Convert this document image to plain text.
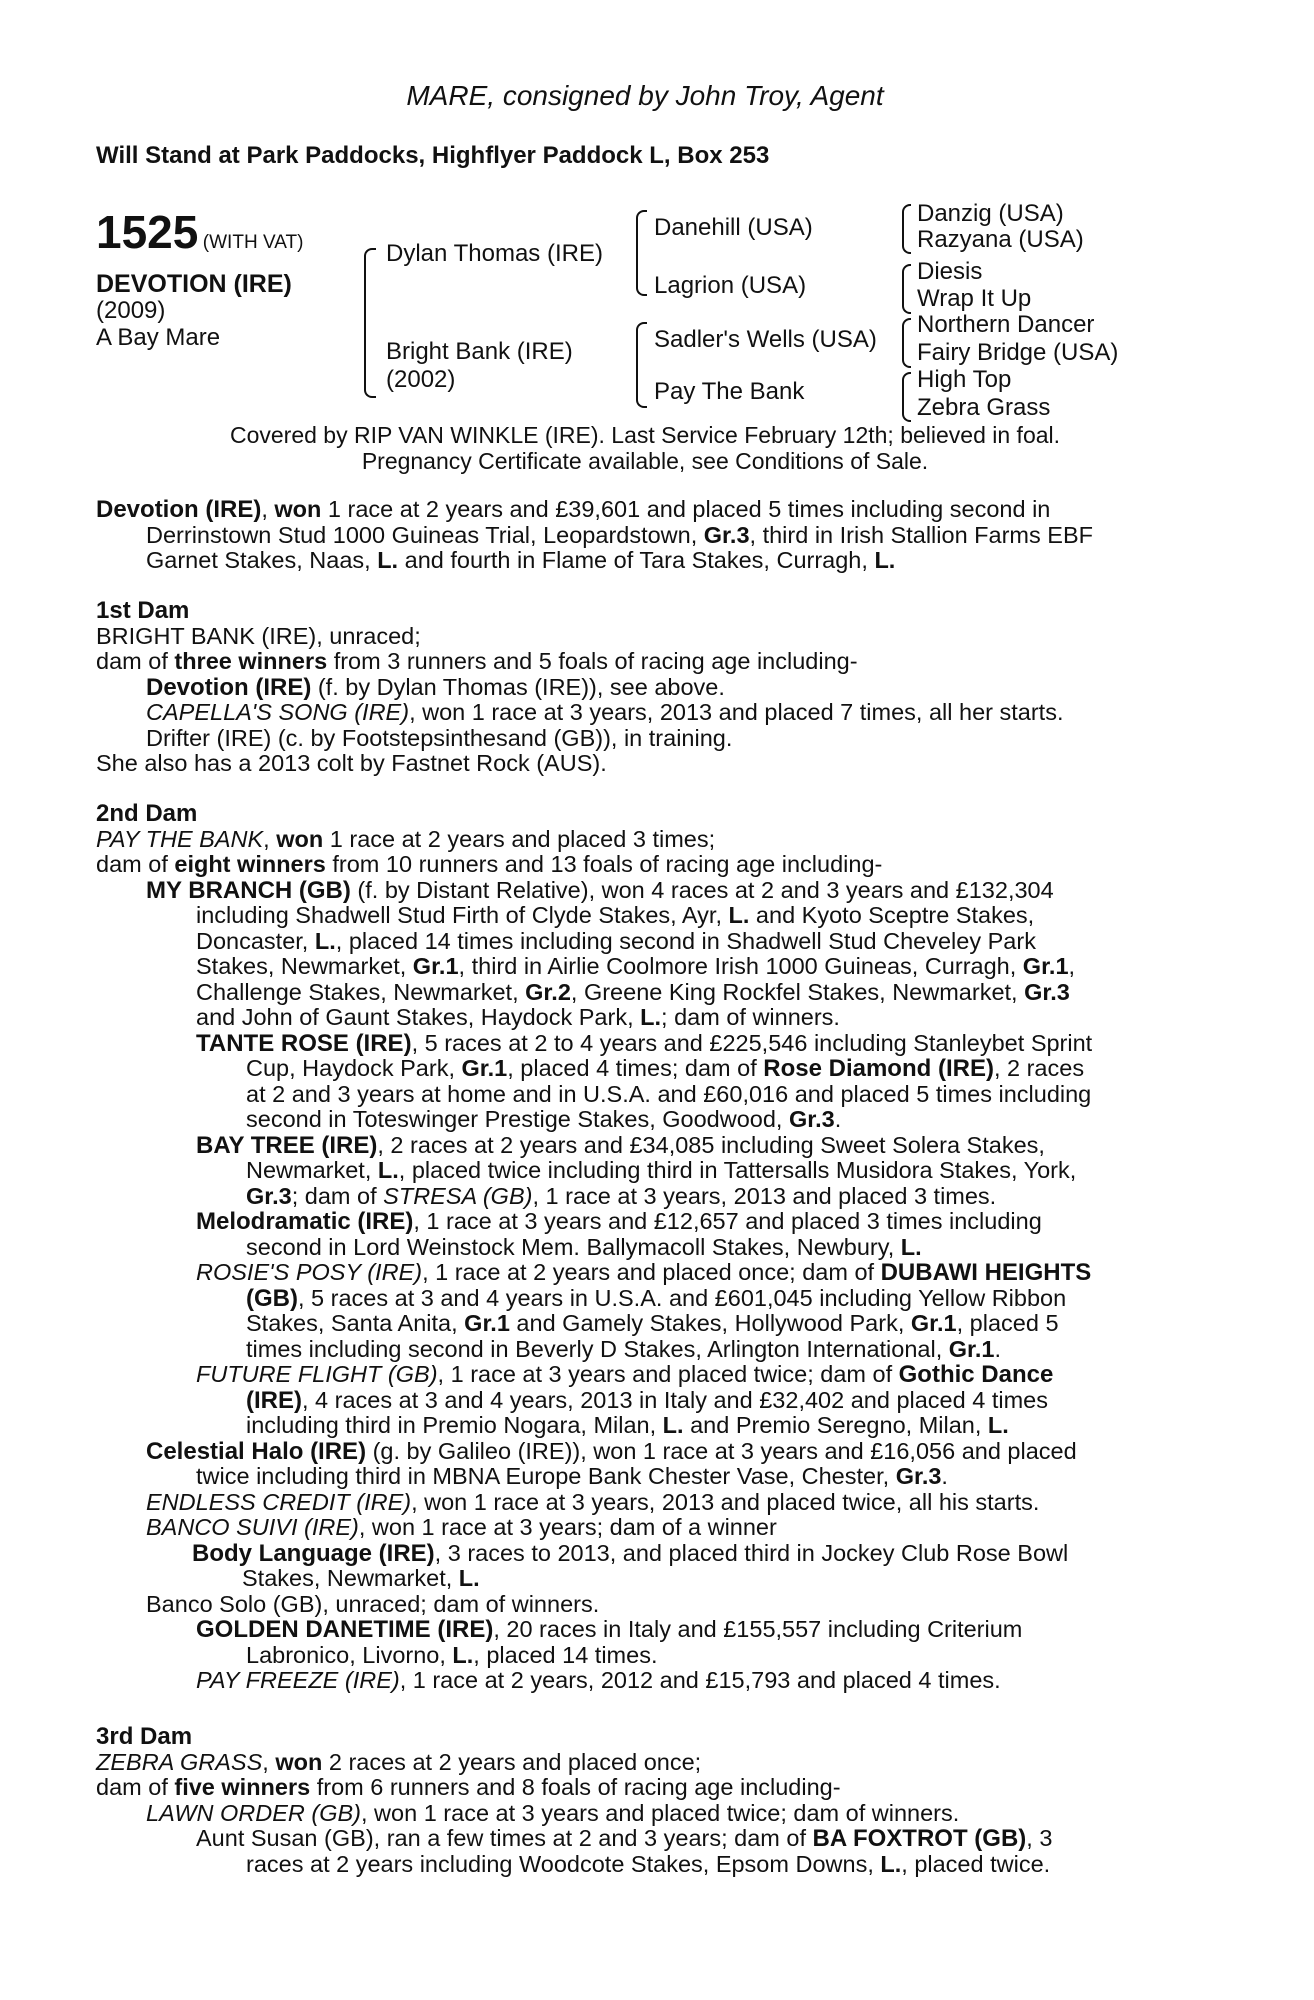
MARE, consigned by John Troy, Agent
Will Stand at Park Paddocks, Highflyer Paddock L, Box 253
1525 (WITH VAT)
DEVOTION (IRE)
(2009)
A Bay Mare
Dylan Thomas (IRE)
Bright Bank (IRE)
(2002)
Danehill (USA)
Lagrion (USA)
Sadler's Wells (USA)
Pay The Bank
Danzig (USA)
Razyana (USA)
Diesis
Wrap It Up
Northern Dancer
Fairy Bridge (USA)
High Top
Zebra Grass
Covered by RIP VAN WINKLE (IRE). Last Service February 12th; believed in foal.
Pregnancy Certificate available, see Conditions of Sale.

Devotion (IRE), won 1 race at 2 years and £39,601 and placed 5 times including second in

Derrinstown Stud 1000 Guineas Trial, Leopardstown, Gr.3, third in Irish Stallion Farms EBF

Garnet Stakes, Naas, L. and fourth in Flame of Tara Stakes, Curragh, L.

1st Dam

BRIGHT BANK (IRE), unraced;

dam of three winners from 3 runners and 5 foals of racing age including-

Devotion (IRE) (f. by Dylan Thomas (IRE)), see above.

CAPELLA'S SONG (IRE), won 1 race at 3 years, 2013 and placed 7 times, all her starts.

Drifter (IRE) (c. by Footstepsinthesand (GB)), in training.

She also has a 2013 colt by Fastnet Rock (AUS).

2nd Dam

PAY THE BANK, won 1 race at 2 years and placed 3 times;

dam of eight winners from 10 runners and 13 foals of racing age including-

MY BRANCH (GB) (f. by Distant Relative), won 4 races at 2 and 3 years and £132,304

including Shadwell Stud Firth of Clyde Stakes, Ayr, L. and Kyoto Sceptre Stakes,

Doncaster, L., placed 14 times including second in Shadwell Stud Cheveley Park

Stakes, Newmarket, Gr.1, third in Airlie Coolmore Irish 1000 Guineas, Curragh, Gr.1,

Challenge Stakes, Newmarket, Gr.2, Greene King Rockfel Stakes, Newmarket, Gr.3

and John of Gaunt Stakes, Haydock Park, L.; dam of winners.

TANTE ROSE (IRE), 5 races at 2 to 4 years and £225,546 including Stanleybet Sprint

Cup, Haydock Park, Gr.1, placed 4 times; dam of Rose Diamond (IRE), 2 races

at 2 and 3 years at home and in U.S.A. and £60,016 and placed 5 times including

second in Toteswinger Prestige Stakes, Goodwood, Gr.3.

BAY TREE (IRE), 2 races at 2 years and £34,085 including Sweet Solera Stakes,

Newmarket, L., placed twice including third in Tattersalls Musidora Stakes, York,

Gr.3; dam of STRESA (GB), 1 race at 3 years, 2013 and placed 3 times.

Melodramatic (IRE), 1 race at 3 years and £12,657 and placed 3 times including

second in Lord Weinstock Mem. Ballymacoll Stakes, Newbury, L.

ROSIE'S POSY (IRE), 1 race at 2 years and placed once; dam of DUBAWI HEIGHTS

(GB), 5 races at 3 and 4 years in U.S.A. and £601,045 including Yellow Ribbon

Stakes, Santa Anita, Gr.1 and Gamely Stakes, Hollywood Park, Gr.1, placed 5

times including second in Beverly D Stakes, Arlington International, Gr.1.

FUTURE FLIGHT (GB), 1 race at 3 years and placed twice; dam of Gothic Dance

(IRE), 4 races at 3 and 4 years, 2013 in Italy and £32,402 and placed 4 times

including third in Premio Nogara, Milan, L. and Premio Seregno, Milan, L.

Celestial Halo (IRE) (g. by Galileo (IRE)), won 1 race at 3 years and £16,056 and placed

twice including third in MBNA Europe Bank Chester Vase, Chester, Gr.3.

ENDLESS CREDIT (IRE), won 1 race at 3 years, 2013 and placed twice, all his starts.

BANCO SUIVI (IRE), won 1 race at 3 years; dam of a winner

Body Language (IRE), 3 races to 2013, and placed third in Jockey Club Rose Bowl

Stakes, Newmarket, L.

Banco Solo (GB), unraced; dam of winners.

GOLDEN DANETIME (IRE), 20 races in Italy and £155,557 including Criterium

Labronico, Livorno, L., placed 14 times.

PAY FREEZE (IRE), 1 race at 2 years, 2012 and £15,793 and placed 4 times.

3rd Dam

ZEBRA GRASS, won 2 races at 2 years and placed once;

dam of five winners from 6 runners and 8 foals of racing age including-

LAWN ORDER (GB), won 1 race at 3 years and placed twice; dam of winners.

Aunt Susan (GB), ran a few times at 2 and 3 years; dam of BA FOXTROT (GB), 3

races at 2 years including Woodcote Stakes, Epsom Downs, L., placed twice.
